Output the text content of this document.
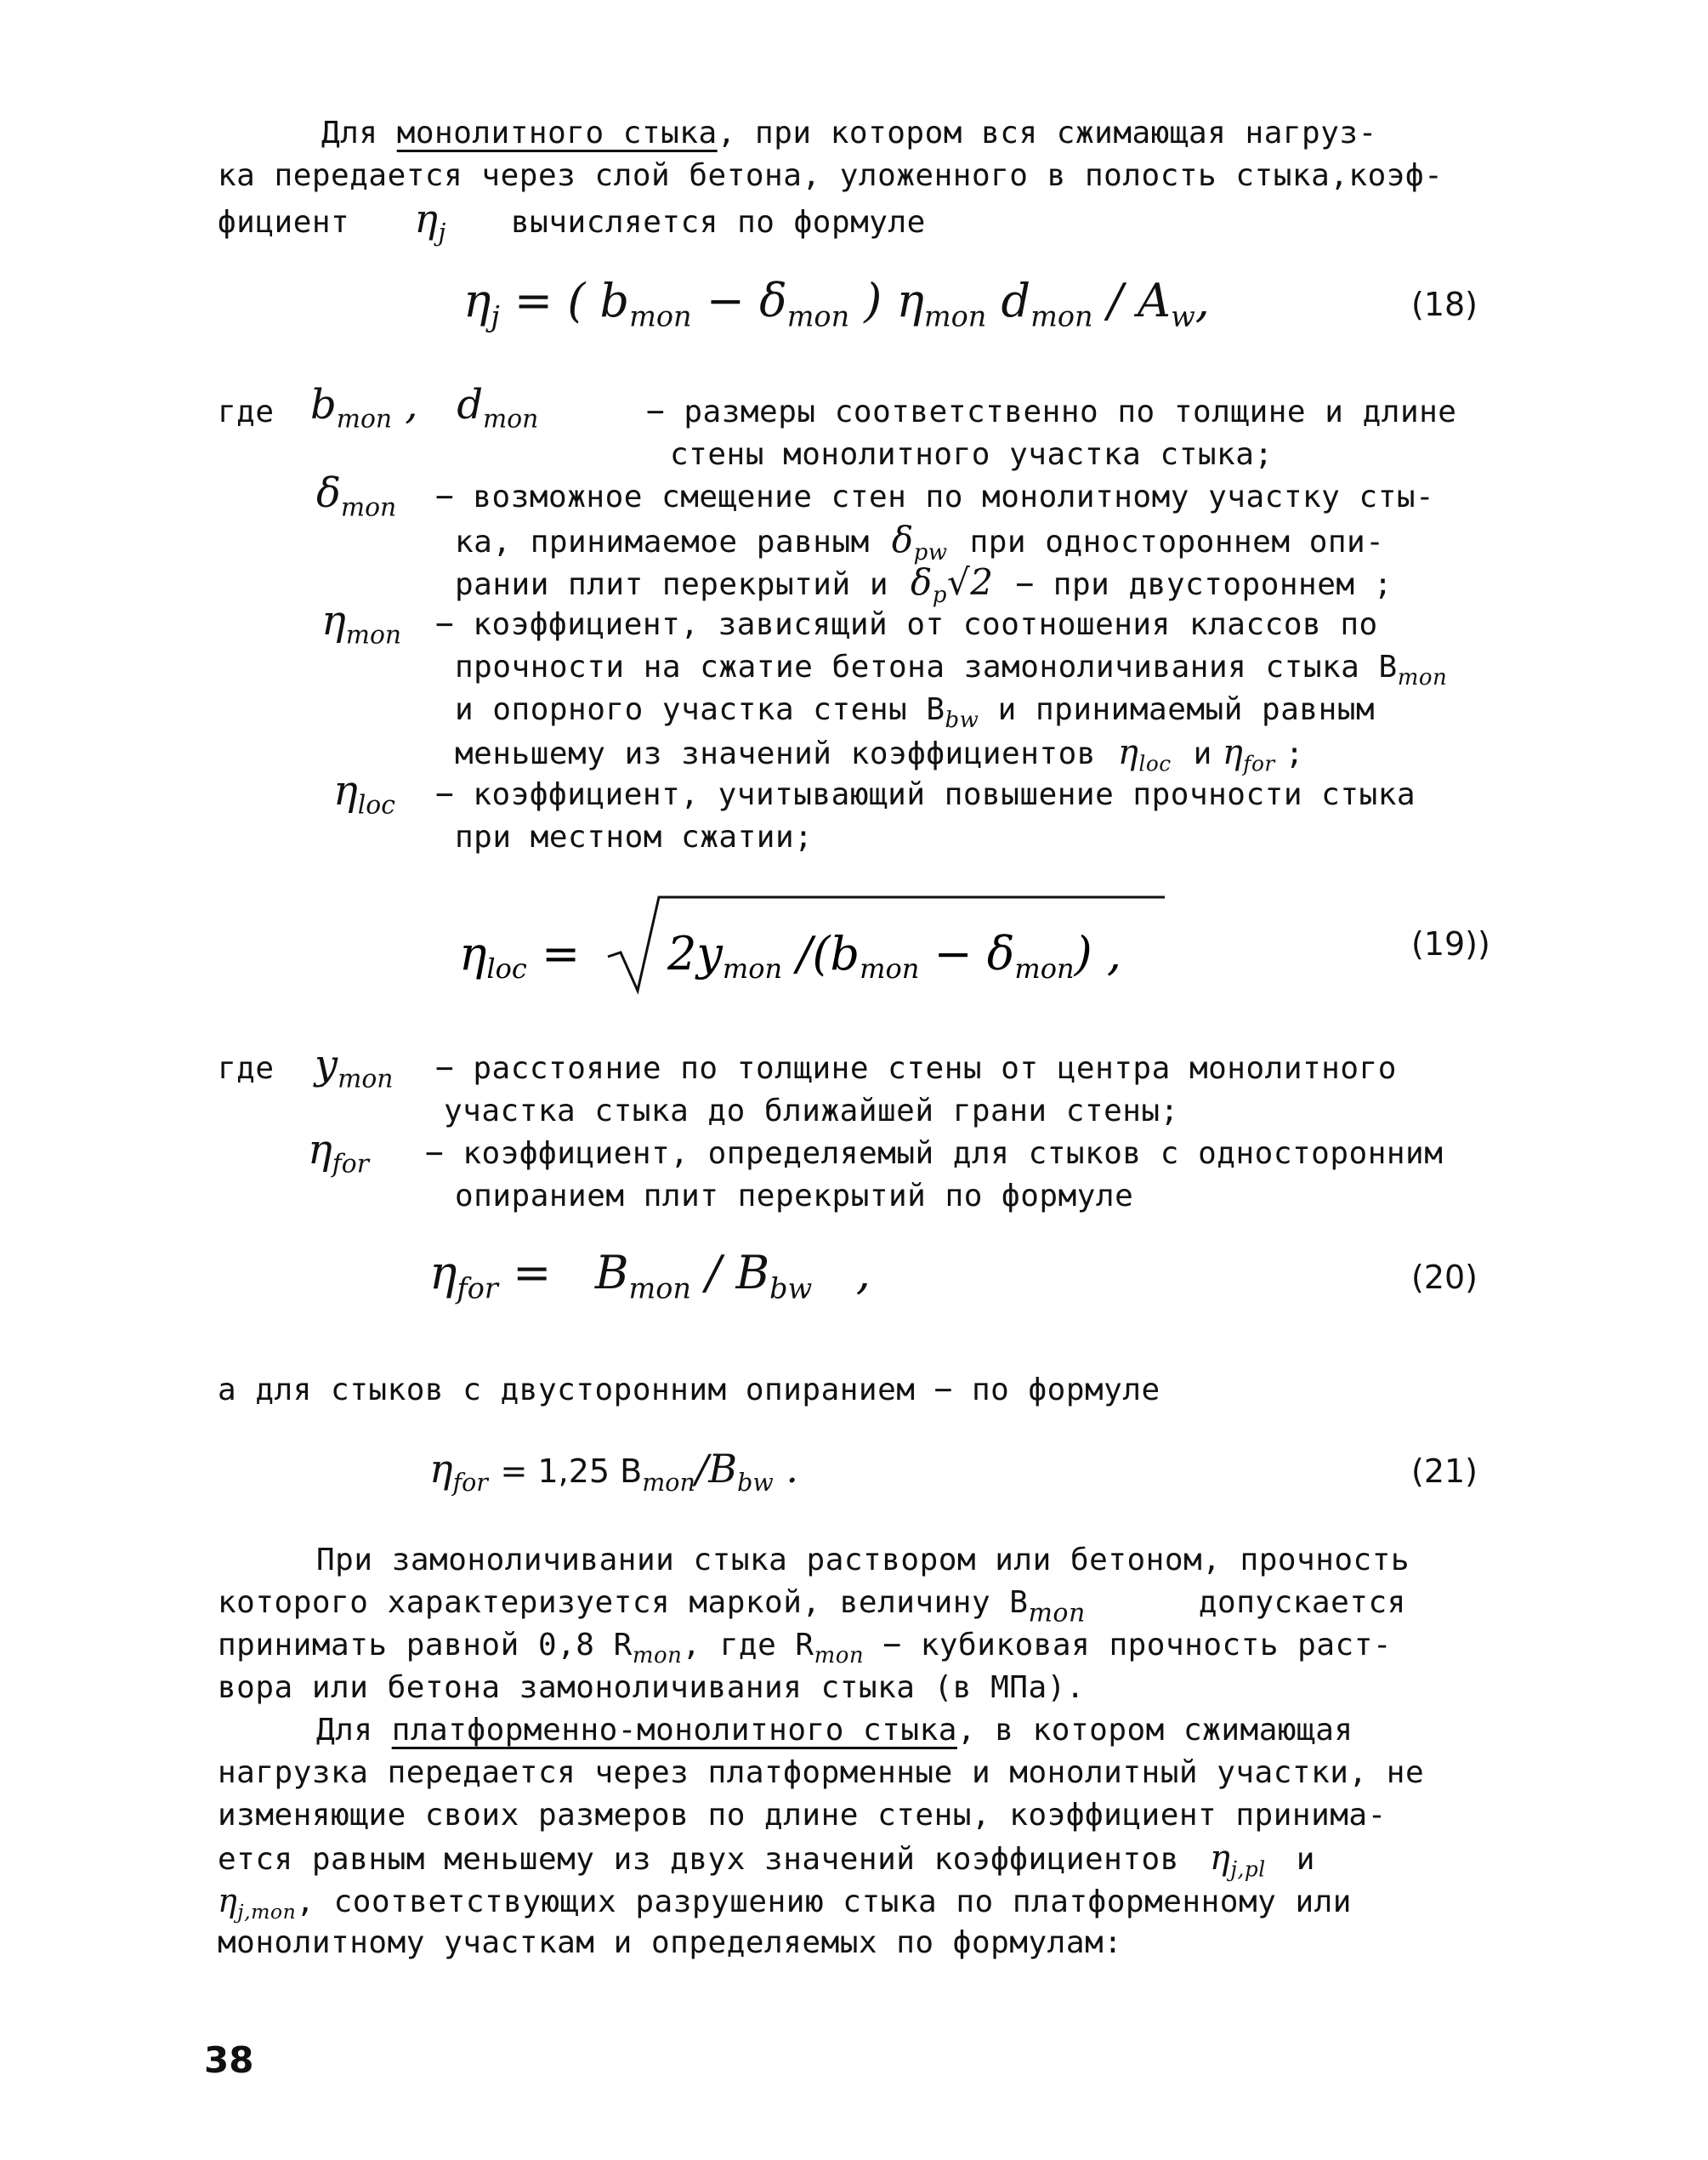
Для монолитного стыка, при котором вся сжимающая нагруз-
ка передается через слой бетона, уложенного в полость стыка,коэф-
фициент $\eta_j$ вычисляется по формуле
$\eta_j$ = ( $b_{mon} - \delta_{mon}$ ) $\eta_{mon}$ $d_{mon} / A_w$,	(18)
где $b_{mon}$ ,   $d_{mon}$	− размеры соответственно по толщине и длине
стены монолитного участка стыка;
$\delta_{mon}$ − возможное смещение стен по монолитному участку сты-
ка, принимаемое равным $\delta_{pw}$ при одностороннем опи-
рании плит перекрытий и $\delta_p√2$ − при двустороннем ;
$\eta_{mon}$ − коэффициент, зависящий от соотношения классов по
прочности на сжатие бетона замоноличивания стыка $B_{mon}$
и опорного участка стены $B_{bw}$ и принимаемый равным
меньшему из значений коэффициентов $\eta_{loc}$ и $\eta_{for}$ ;
$\eta_{loc}$ − коэффициент, учитывающий повышение прочности стыка
при местном сжатии;
ηloc = 2ymon /(bmon − δmon) ,	(19))
где $y_{mon}$ − расстояние по толщине стены от центра монолитного
участка стыка до ближайшей грани стены;
$\eta_{for}$ − коэффициент, определяемый для стыков с односторонним
опиранием плит перекрытий по формуле
$\eta_{for} = B_{mon} / B_{bw}$   ,	(20)
а для стыков с двусторонним опиранием − по формуле
$\eta_{for} = 1,25$ $B_{mon}/B_{bw}$ .	(21)
При замоноличивании стыка раствором или бетоном, прочность
которого характеризуется маркой, величину $B_{mon}$	допускается
принимать равной 0,8 $R_{mon}$, где $R_{mon}$ − кубиковая прочность раст-
вора или бетона замоноличивания стыка (в МПа).
Для платформенно-монолитного стыка, в котором сжимающая
нагрузка передается через платформенные и монолитный участки, не
изменяющие своих размеров по длине стены, коэффициент принима-
ется равным меньшему из двух значений коэффициентов $\eta_{j,pl}$ и
$\eta_{j,mon}$, соответствующих разрушению стыка по платформенному или
монолитному участкам и определяемых по формулам:
38
